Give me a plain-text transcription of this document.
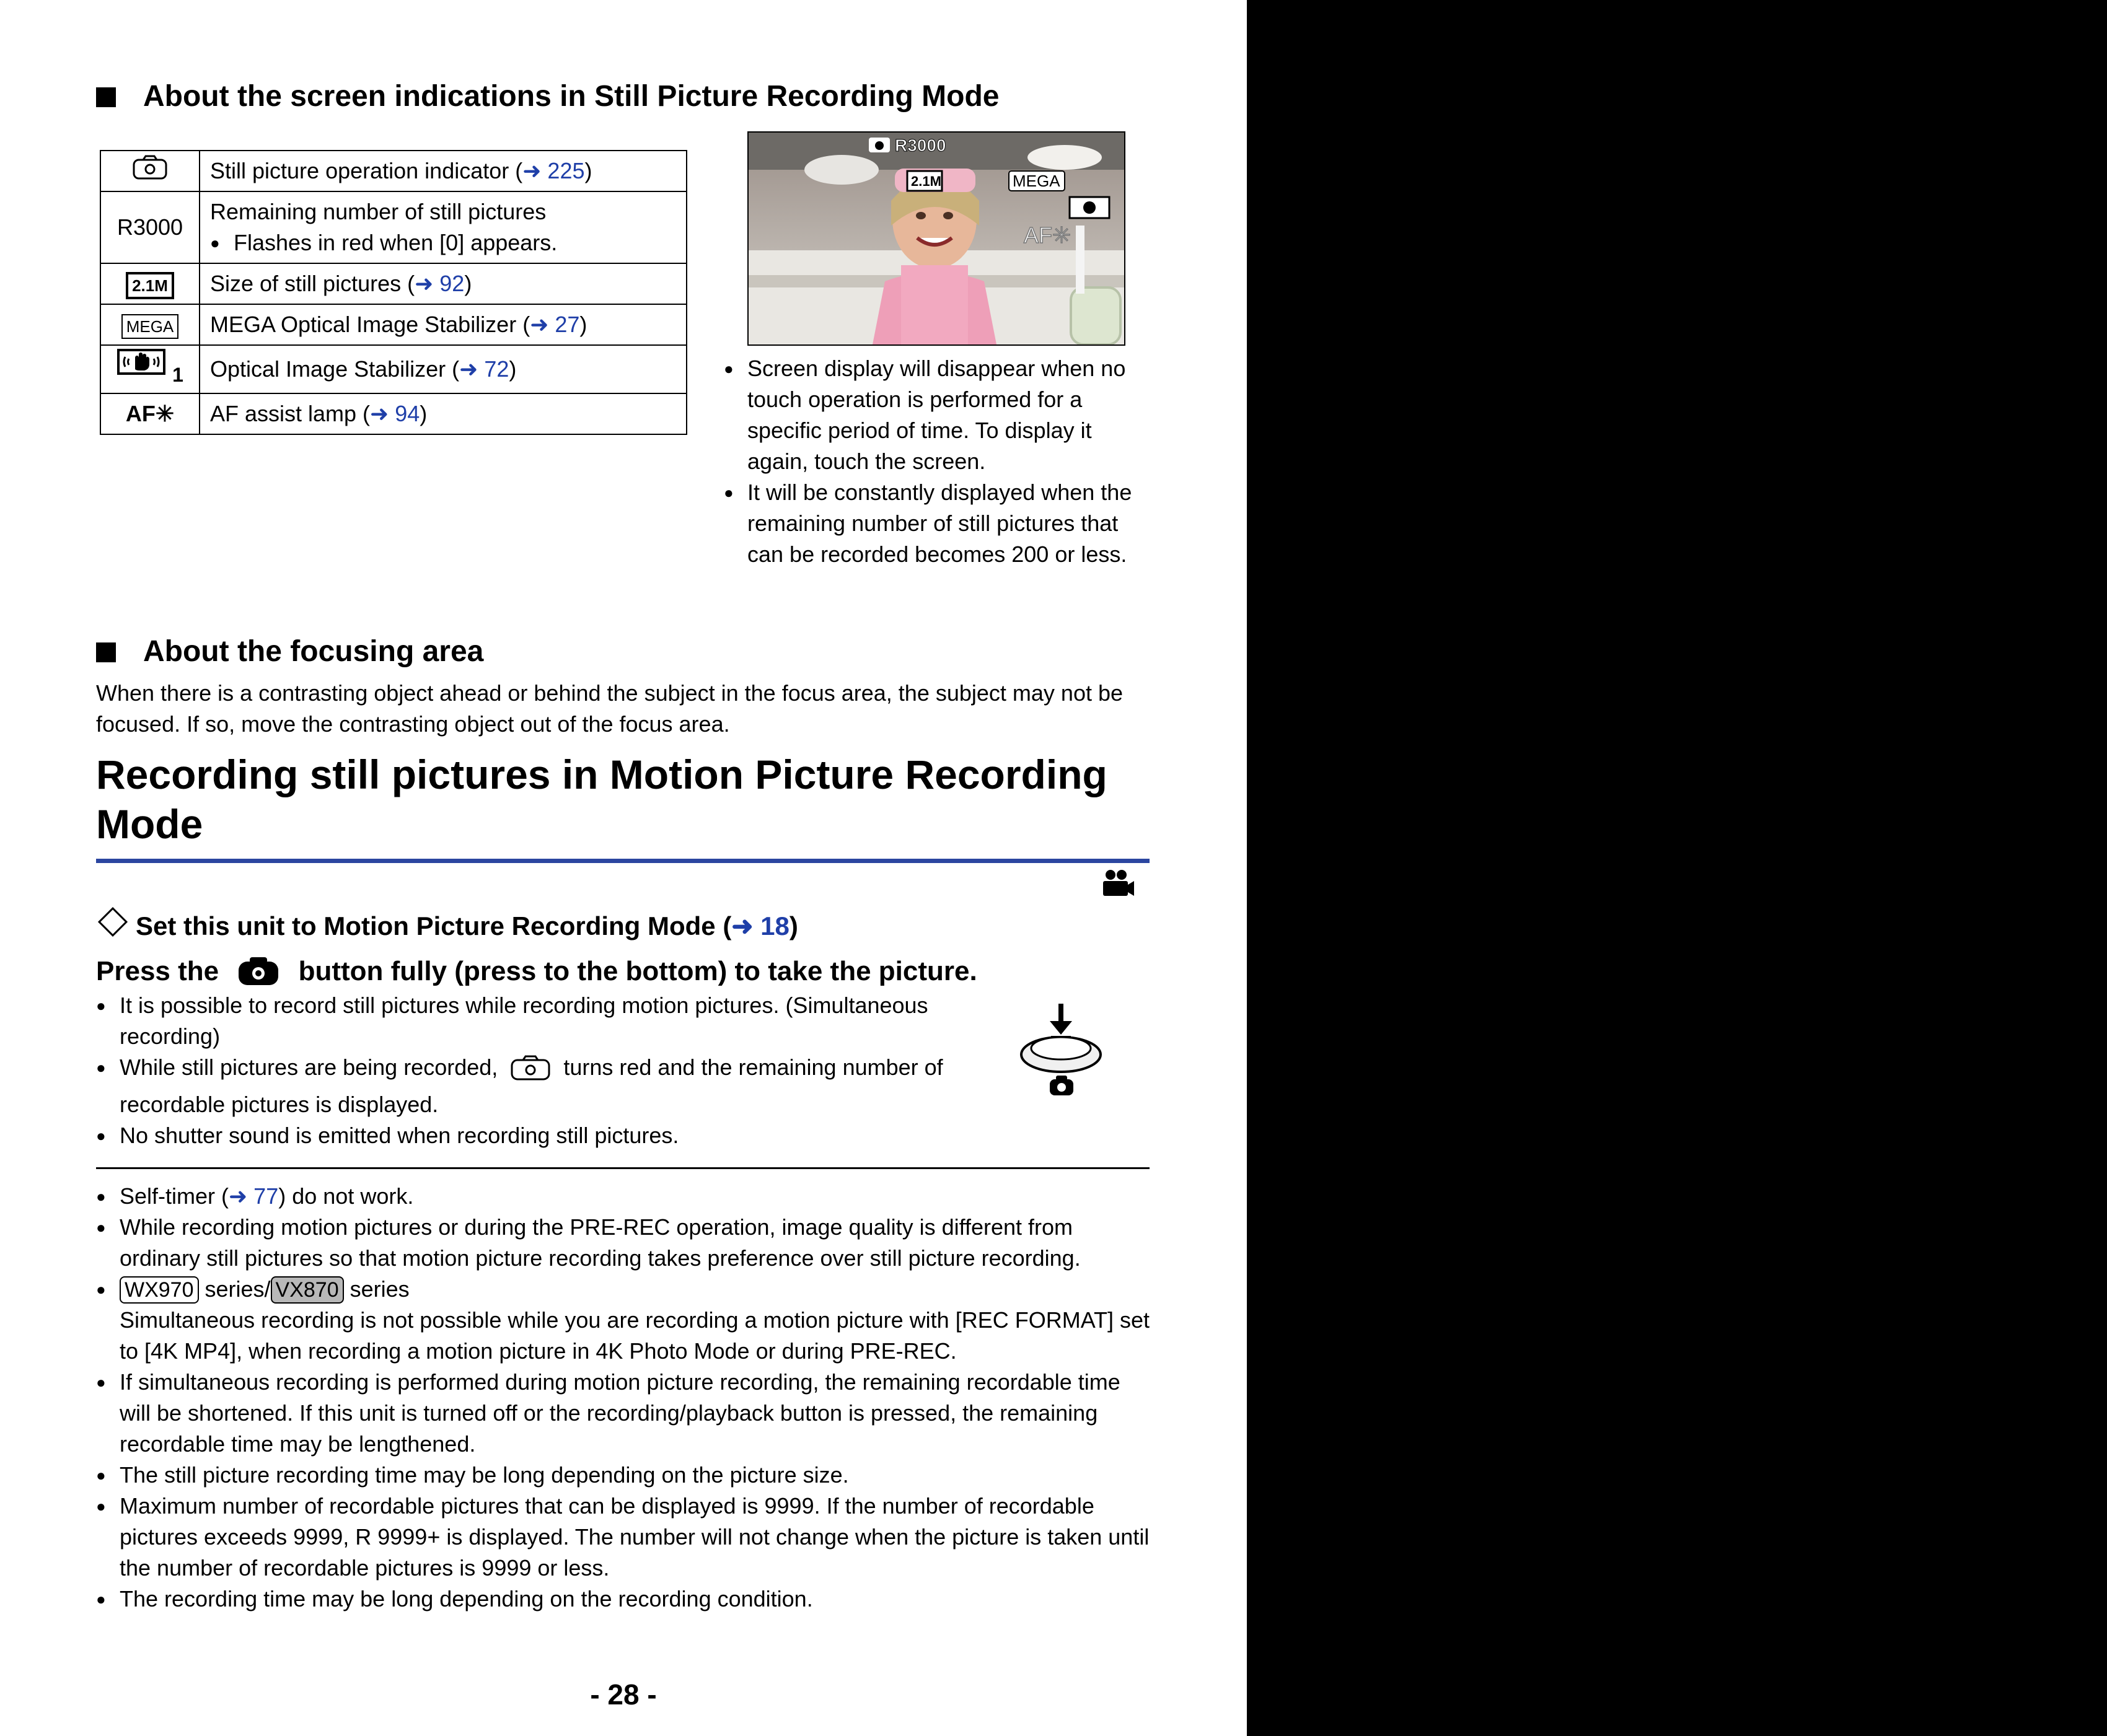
About the screen indications in Still Picture Recording Mode
	Still picture operation indicator (➜ 225)
R3000	Remaining number of still pictures
● Flashes in red when [0] appears.

2.1M	Size of still pictures (➜ 92)
MEGA	MEGA Optical Image Stabilizer (➜ 27)
1	Optical Image Stabilizer (➜ 72)
AF✳	AF assist lamp (➜ 94)
R3000
2.1M	MEGA
AF✳
● Screen display will disappear when no touch operation is performed for a specific period of time. To display it again, touch the screen.
● It will be constantly displayed when the remaining number of still pictures that can be recorded becomes 200 or less.
About the focusing area
When there is a contrasting object ahead or behind the subject in the focus area, the subject may not be focused. If so, move the contrasting object out of the focus area.
Recording still pictures in Motion Picture Recording Mode
Set this unit to Motion Picture Recording Mode (➜ 18)
Press the	button fully (press to the bottom) to take the picture.
● It is possible to record still pictures while recording motion pictures. (Simultaneous recording)
● While still pictures are being recorded,	turns red and the remaining number of recordable pictures is displayed.
● No shutter sound is emitted when recording still pictures.
● Self-timer (➜ 77) do not work.
● While recording motion pictures or during the PRE-REC operation, image quality is different from ordinary still pictures so that motion picture recording takes preference over still picture recording.
● WX970 series/ VX870 series
Simultaneous recording is not possible while you are recording a motion picture with [REC FORMAT] set to [4K MP4], when recording a motion picture in 4K Photo Mode or during PRE-REC.
● If simultaneous recording is performed during motion picture recording, the remaining recordable time will be shortened. If this unit is turned off or the recording/playback button is pressed, the remaining recordable time may be lengthened.
● The still picture recording time may be long depending on the picture size.
● Maximum number of recordable pictures that can be displayed is 9999. If the number of recordable pictures exceeds 9999, R 9999+ is displayed. The number will not change when the picture is taken until the number of recordable pictures is 9999 or less.
● The recording time may be long depending on the recording condition.
- 28 -
